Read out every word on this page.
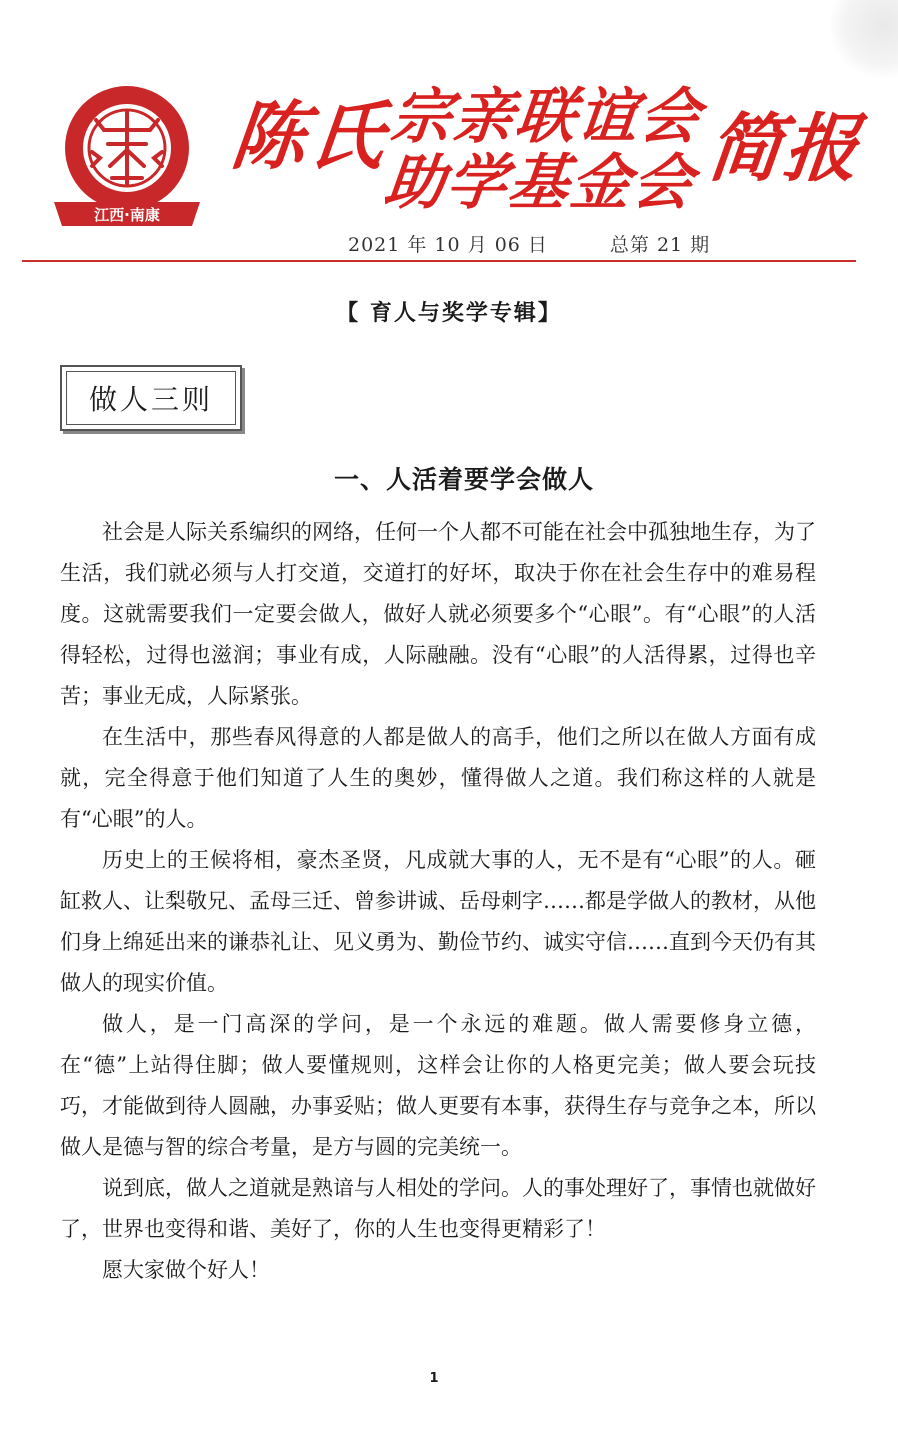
江西·南康
陈氏
宗亲联谊会
助学基金会 简报
2021 年 10 月 06 日	总第 21 期
【 育人与奖学专辑】
做人三则
一、人活着要学会做人

社会是人际关系编织的网络，任何一个人都不可能在社会中孤独地生存，为了生活，我们就必须与人打交道，交道打的好坏，取决于你在社会生存中的难易程度。这就需要我们一定要会做人，做好人就必须要多个“心眼”。有“心眼”的人活得轻松，过得也滋润；事业有成，人际融融。没有“心眼”的人活得累，过得也辛苦；事业无成，人际紧张。

在生活中，那些春风得意的人都是做人的高手，他们之所以在做人方面有成就，完全得意于他们知道了人生的奥妙，懂得做人之道。我们称这样的人就是有“心眼”的人。

历史上的王候将相，豪杰圣贤，凡成就大事的人，无不是有“心眼”的人。砸缸救人、让梨敬兄、孟母三迁、曾参讲诚、岳母刺字……都是学做人的教材，从他们身上绵延出来的谦恭礼让、见义勇为、勤俭节约、诚实守信……直到今天仍有其做人的现实价值。

做人，是一门高深的学问，是一个永远的难题。做人需要修身立德，在“德”上站得住脚；做人要懂规则，这样会让你的人格更完美；做人要会玩技巧，才能做到待人圆融，办事妥贴；做人更要有本事，获得生存与竞争之本，所以做人是德与智的综合考量，是方与圆的完美统一。

说到底，做人之道就是熟谙与人相处的学问。人的事处理好了，事情也就做好了，世界也变得和谐、美好了，你的人生也变得更精彩了！

愿大家做个好人！

1
